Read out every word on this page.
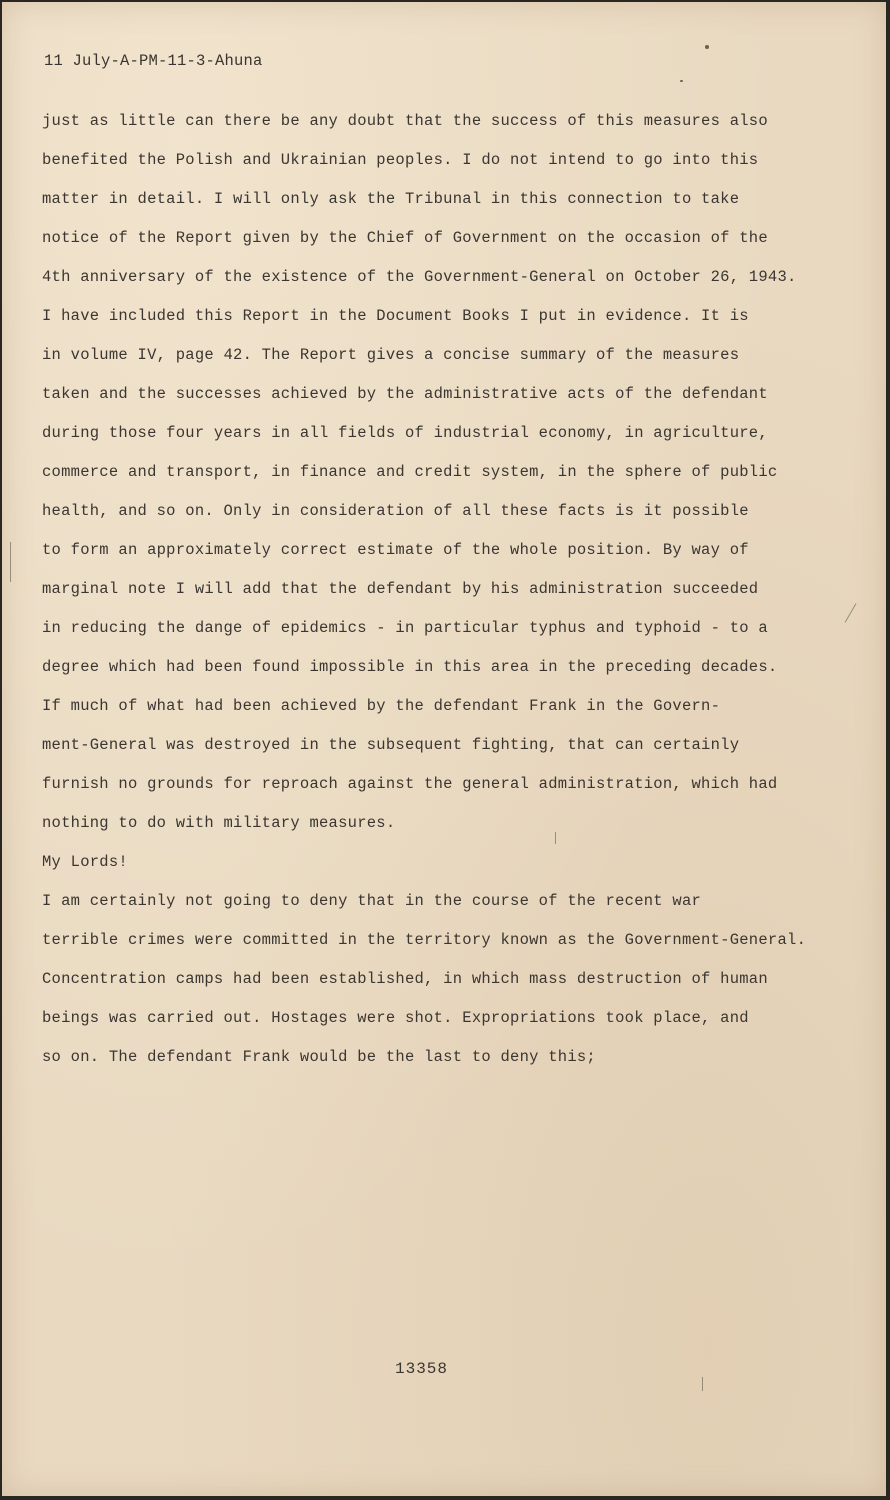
11 July-A-PM-11-3-Ahuna
just as little can there be any doubt that the success of this measures also
benefited the Polish and Ukrainian peoples. I do not intend to go into this
matter in detail. I will only ask the Tribunal in this connection to take
notice of the Report given by the Chief of Government on the occasion of the
4th anniversary of the existence of the Government-General on October 26, 1943.
I have included this Report in the Document Books I put in evidence. It is
in volume IV, page 42. The Report gives a concise summary of the measures
taken and the successes achieved by the administrative acts of the defendant
during those four years in all fields of industrial economy, in agriculture,
commerce and transport, in finance and credit system, in the sphere of public
health, and so on. Only in consideration of all these facts is it possible
to form an approximately correct estimate of the whole position. By way of
marginal note I will add that the defendant by his administration succeeded
in reducing the dange of epidemics - in particular typhus and typhoid - to a
degree which had been found impossible in this area in the preceding decades.
If much of what had been achieved by the defendant Frank in the Govern-
ment-General was destroyed in the subsequent fighting, that can certainly
furnish no grounds for reproach against the general administration, which had
nothing to do with military measures.
My Lords!
I am certainly not going to deny that in the course of the recent war
terrible crimes were committed in the territory known as the Government-General.
Concentration camps had been established, in which mass destruction of human
beings was carried out. Hostages were shot. Expropriations took place, and
so on. The defendant Frank would be the last to deny this;
13358
